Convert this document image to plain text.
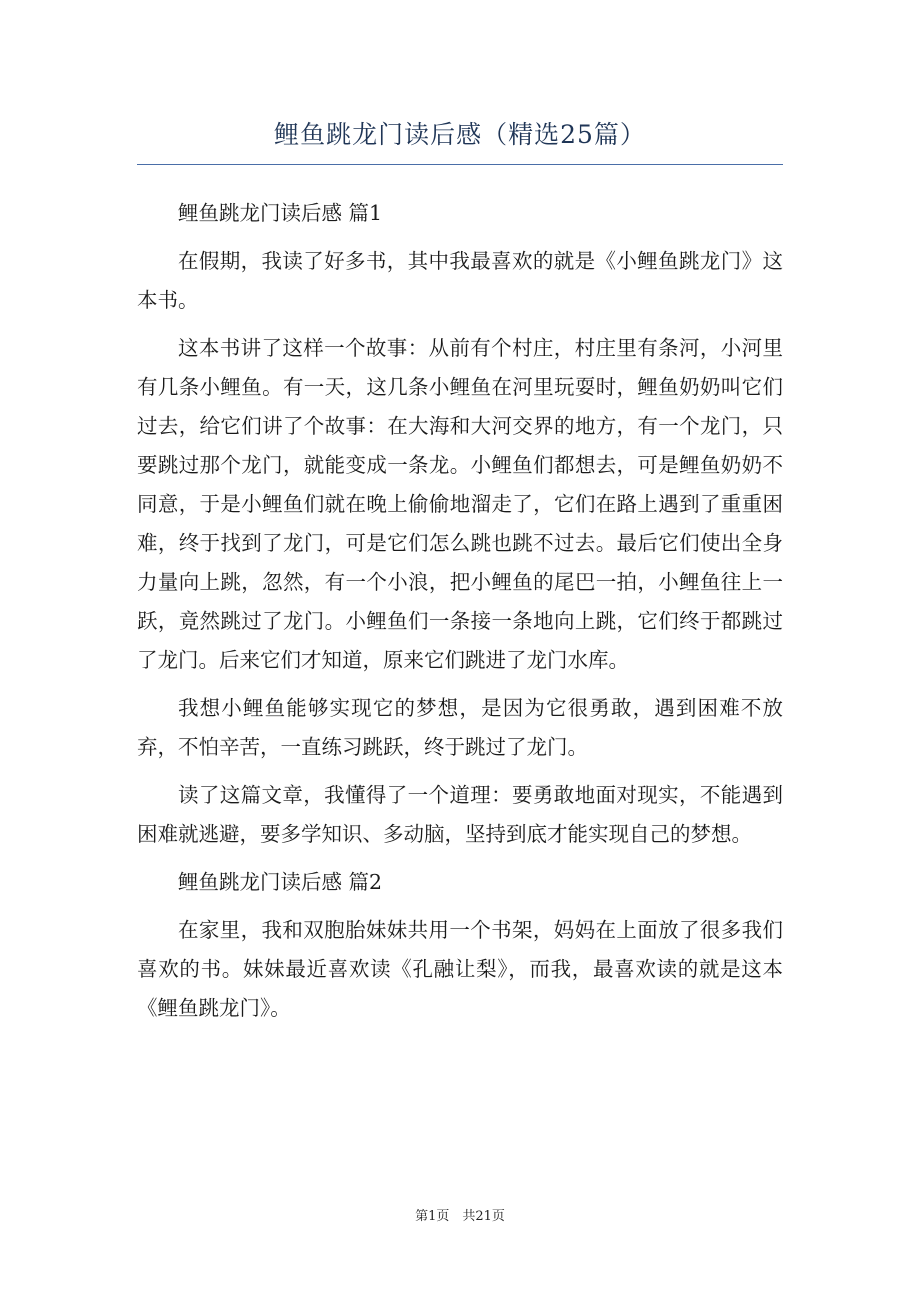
鲤鱼跳龙门读后感（精选25篇）

鲤鱼跳龙门读后感 篇1

在假期，我读了好多书，其中我最喜欢的就是《小鲤鱼跳龙门》这本书。

这本书讲了这样一个故事：从前有个村庄，村庄里有条河，小河里有几条小鲤鱼。有一天，这几条小鲤鱼在河里玩耍时，鲤鱼奶奶叫它们过去，给它们讲了个故事：在大海和大河交界的地方，有一个龙门，只要跳过那个龙门，就能变成一条龙。小鲤鱼们都想去，可是鲤鱼奶奶不同意，于是小鲤鱼们就在晚上偷偷地溜走了，它们在路上遇到了重重困难，终于找到了龙门，可是它们怎么跳也跳不过去。最后它们使出全身力量向上跳，忽然，有一个小浪，把小鲤鱼的尾巴一拍，小鲤鱼往上一跃，竟然跳过了龙门。小鲤鱼们一条接一条地向上跳，它们终于都跳过了龙门。后来它们才知道，原来它们跳进了龙门水库。

我想小鲤鱼能够实现它的梦想，是因为它很勇敢，遇到困难不放弃，不怕辛苦，一直练习跳跃，终于跳过了龙门。

读了这篇文章，我懂得了一个道理：要勇敢地面对现实，不能遇到困难就逃避，要多学知识、多动脑，坚持到底才能实现自己的梦想。

鲤鱼跳龙门读后感 篇2

在家里，我和双胞胎妹妹共用一个书架，妈妈在上面放了很多我们喜欢的书。妹妹最近喜欢读《孔融让梨》，而我，最喜欢读的就是这本《鲤鱼跳龙门》。

第1页　共21页
